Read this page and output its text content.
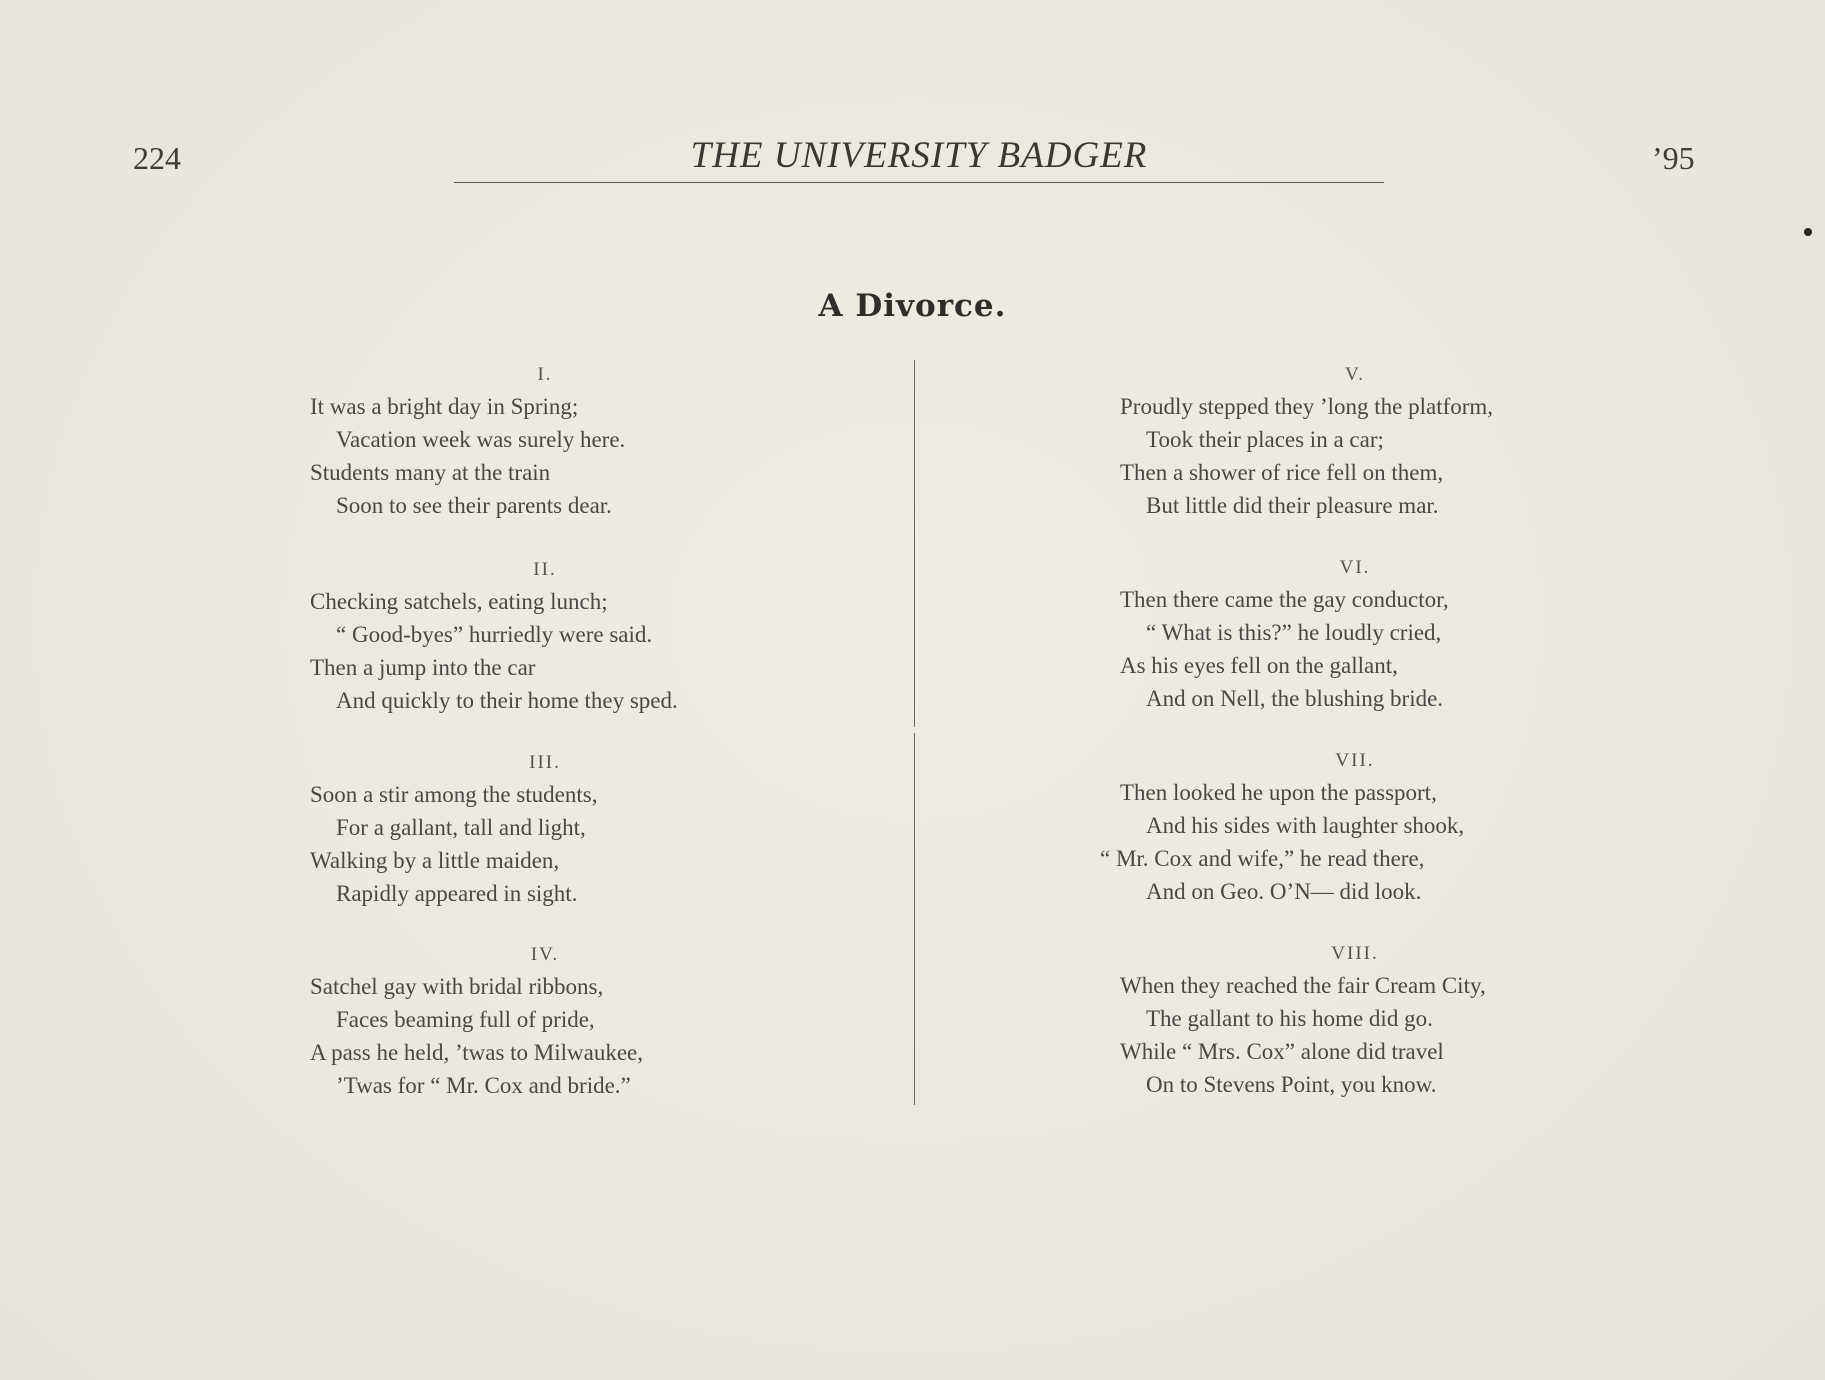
224	THE UNIVERSITY BADGER	’95
A Divorce.
I.
It was a bright day in Spring;
Vacation week was surely here.
Students many at the train
Soon to see their parents dear.
II.
Checking satchels, eating lunch;
“ Good-byes” hurriedly were said.
Then a jump into the car
And quickly to their home they sped.
III.
Soon a stir among the students,
For a gallant, tall and light,
Walking by a little maiden,
Rapidly appeared in sight.
IV.
Satchel gay with bridal ribbons,
Faces beaming full of pride,
A pass he held, ’twas to Milwaukee,
’Twas for “ Mr. Cox and bride.”
V.
Proudly stepped they ’long the platform,
Took their places in a car;
Then a shower of rice fell on them,
But little did their pleasure mar.
VI.
Then there came the gay conductor,
“ What is this?” he loudly cried,
As his eyes fell on the gallant,
And on Nell, the blushing bride.
VII.
Then looked he upon the passport,
And his sides with laughter shook,
“ Mr. Cox and wife,” he read there,
And on Geo. O’N— did look.
VIII.
When they reached the fair Cream City,
The gallant to his home did go.
While “ Mrs. Cox” alone did travel
On to Stevens Point, you know.
